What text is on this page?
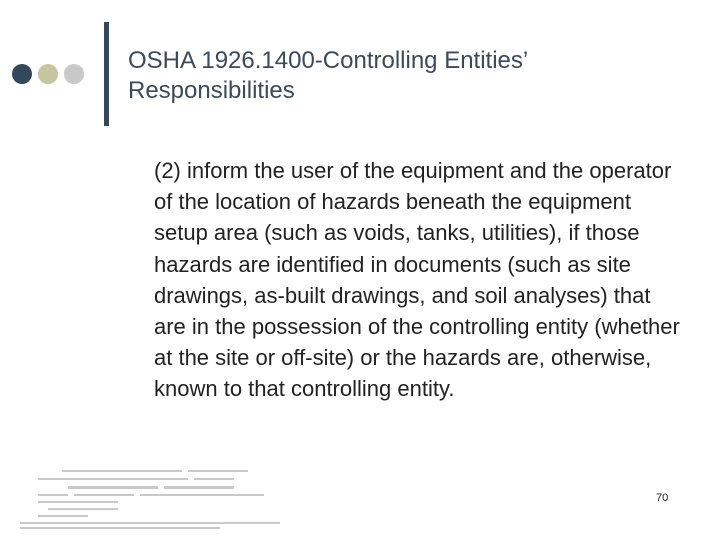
OSHA 1926.1400-Controlling Entities’ Responsibilities

(2) inform the user of the equipment and the operator of the location of hazards beneath the equipment setup area (such as voids, tanks, utilities), if those hazards are identified in documents (such as site drawings, as-built drawings, and soil analyses) that are in the possession of the controlling entity (whether at the site or off-site) or the hazards are, otherwise, known to that controlling entity.

70
